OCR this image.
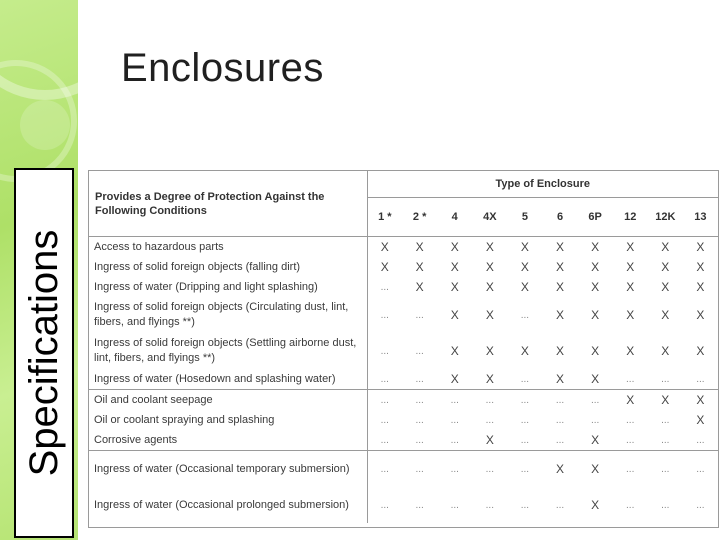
Specifications
Enclosures
Provides a Degree of Protection Against the Following Conditions	Type of Enclosure									
	1 *	2 *	4	4X	5	6	6P	12	12K	13
Access to hazardous parts	X	X	X	X	X	X	X	X	X	X
Ingress of solid foreign objects (falling dirt)	X	X	X	X	X	X	X	X	X	X
Ingress of water (Dripping and light splashing)	...	X	X	X	X	X	X	X	X	X
Ingress of solid foreign objects (Circulating dust, lint, fibers, and flyings **)	...	...	X	X	...	X	X	X	X	X
Ingress of solid foreign objects (Settling airborne dust, lint, fibers, and flyings **)	...	...	X	X	X	X	X	X	X	X
Ingress of water (Hosedown and splashing water)	...	...	X	X	...	X	X	...	...	...
Oil and coolant seepage	...	...	...	...	...	...	...	X	X	X
Oil or coolant spraying and splashing	...	...	...	...	...	...	...	...	...	X
Corrosive agents	...	...	...	X	...	...	X	...	...	...
Ingress of water (Occasional temporary submersion)	...	...	...	...	...	X	X	...	...	...
Ingress of water (Occasional prolonged submersion)	...	...	...	...	...	...	X	...	...	...
